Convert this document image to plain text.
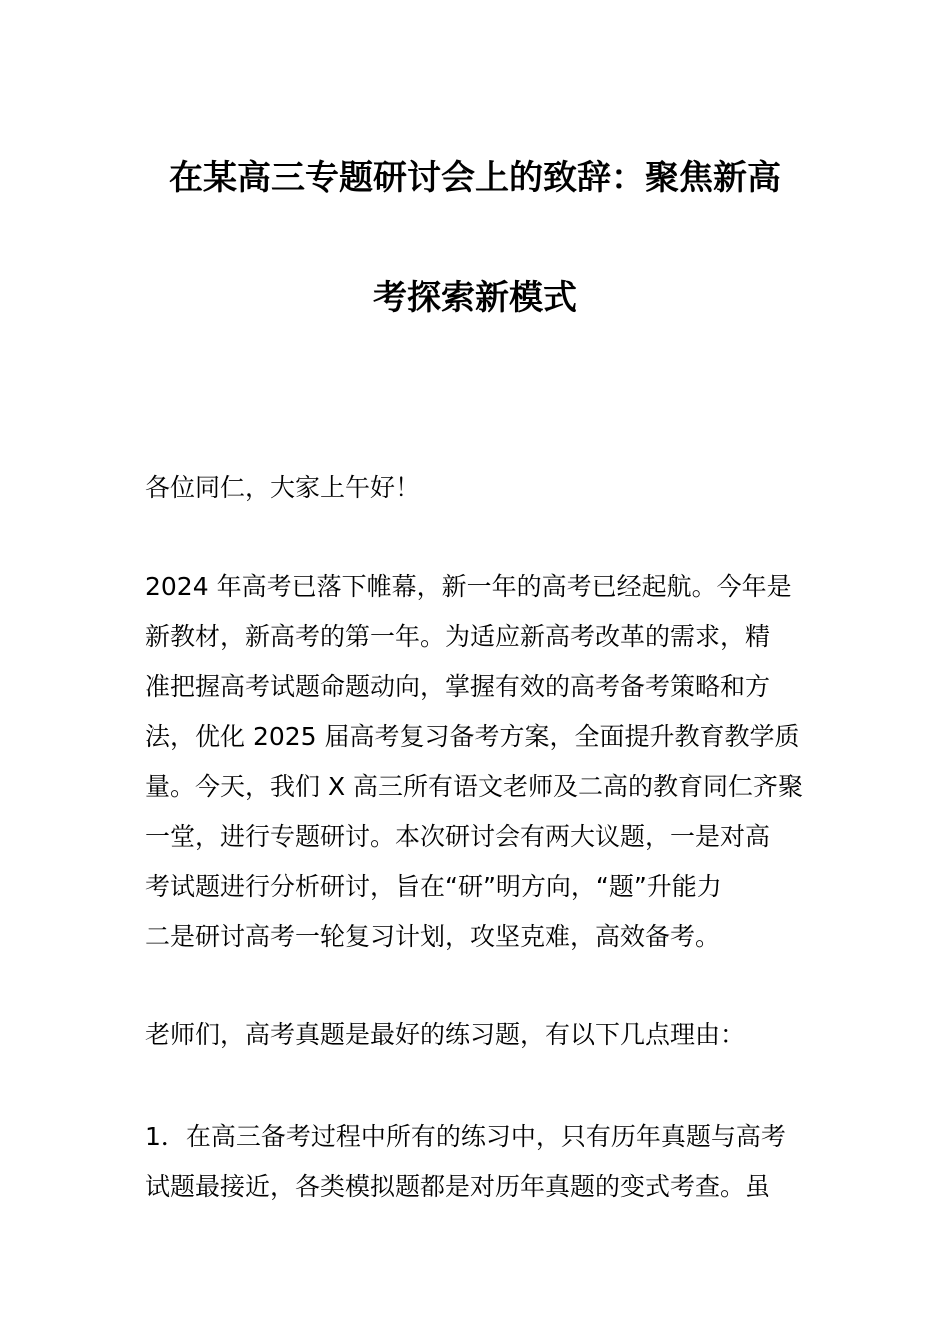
在某高三专题研讨会上的致辞：聚焦新高
考探索新模式
各位同仁，大家上午好！
2024 年高考已落下帷幕，新一年的高考已经起航。今年是
新教材，新高考的第一年。为适应新高考改革的需求，精
准把握高考试题命题动向，掌握有效的高考备考策略和方
法，优化 2025 届高考复习备考方案，全面提升教育教学质
量。今天，我们 X 高三所有语文老师及二高的教育同仁齐聚
一堂，进行专题研讨。本次研讨会有两大议题，一是对高
考试题进行分析研讨，旨在“研”明方向，“题”升能力
二是研讨高考一轮复习计划，攻坚克难，高效备考。
老师们，高考真题是最好的练习题，有以下几点理由：
1．在高三备考过程中所有的练习中，只有历年真题与高考
试题最接近，各类模拟题都是对历年真题的变式考查。虽
